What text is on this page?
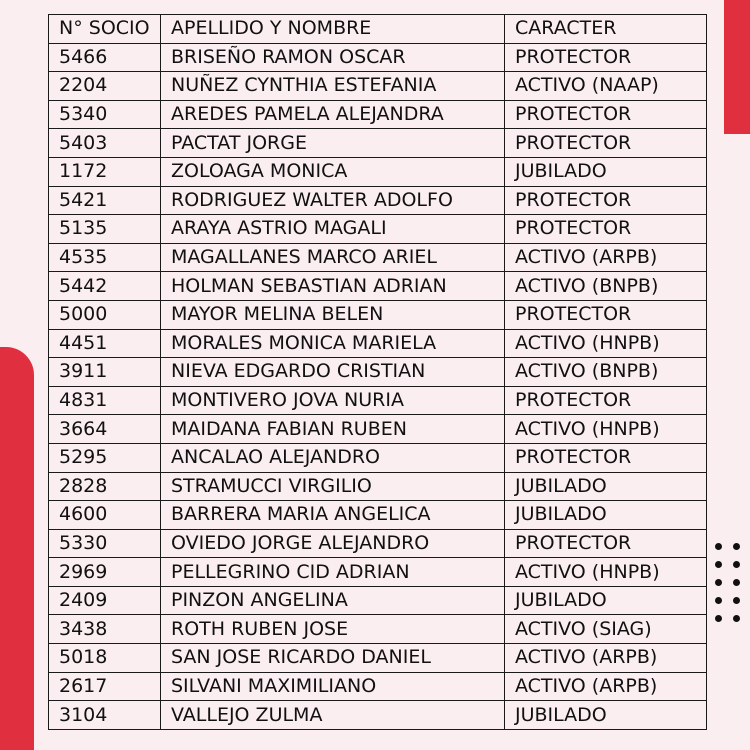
N° SOCIO	APELLIDO Y NOMBRE	CARACTER
5466	BRISEÑO RAMON OSCAR	PROTECTOR
2204	NUÑEZ CYNTHIA ESTEFANIA	ACTIVO (NAAP)
5340	AREDES PAMELA ALEJANDRA	PROTECTOR
5403	PACTAT JORGE	PROTECTOR
1172	ZOLOAGA MONICA	JUBILADO
5421	RODRIGUEZ WALTER ADOLFO	PROTECTOR
5135	ARAYA ASTRIO MAGALI	PROTECTOR
4535	MAGALLANES MARCO ARIEL	ACTIVO (ARPB)
5442	HOLMAN SEBASTIAN ADRIAN	ACTIVO (BNPB)
5000	MAYOR MELINA BELEN	PROTECTOR
4451	MORALES MONICA MARIELA	ACTIVO (HNPB)
3911	NIEVA EDGARDO CRISTIAN	ACTIVO (BNPB)
4831	MONTIVERO JOVA NURIA	PROTECTOR
3664	MAIDANA FABIAN RUBEN	ACTIVO (HNPB)
5295	ANCALAO ALEJANDRO	PROTECTOR
2828	STRAMUCCI VIRGILIO	JUBILADO
4600	BARRERA MARIA ANGELICA	JUBILADO
5330	OVIEDO JORGE ALEJANDRO	PROTECTOR
2969	PELLEGRINO CID ADRIAN	ACTIVO (HNPB)
2409	PINZON ANGELINA	JUBILADO
3438	ROTH RUBEN JOSE	ACTIVO (SIAG)
5018	SAN JOSE RICARDO DANIEL	ACTIVO (ARPB)
2617	SILVANI MAXIMILIANO	ACTIVO (ARPB)
3104	VALLEJO ZULMA	JUBILADO
